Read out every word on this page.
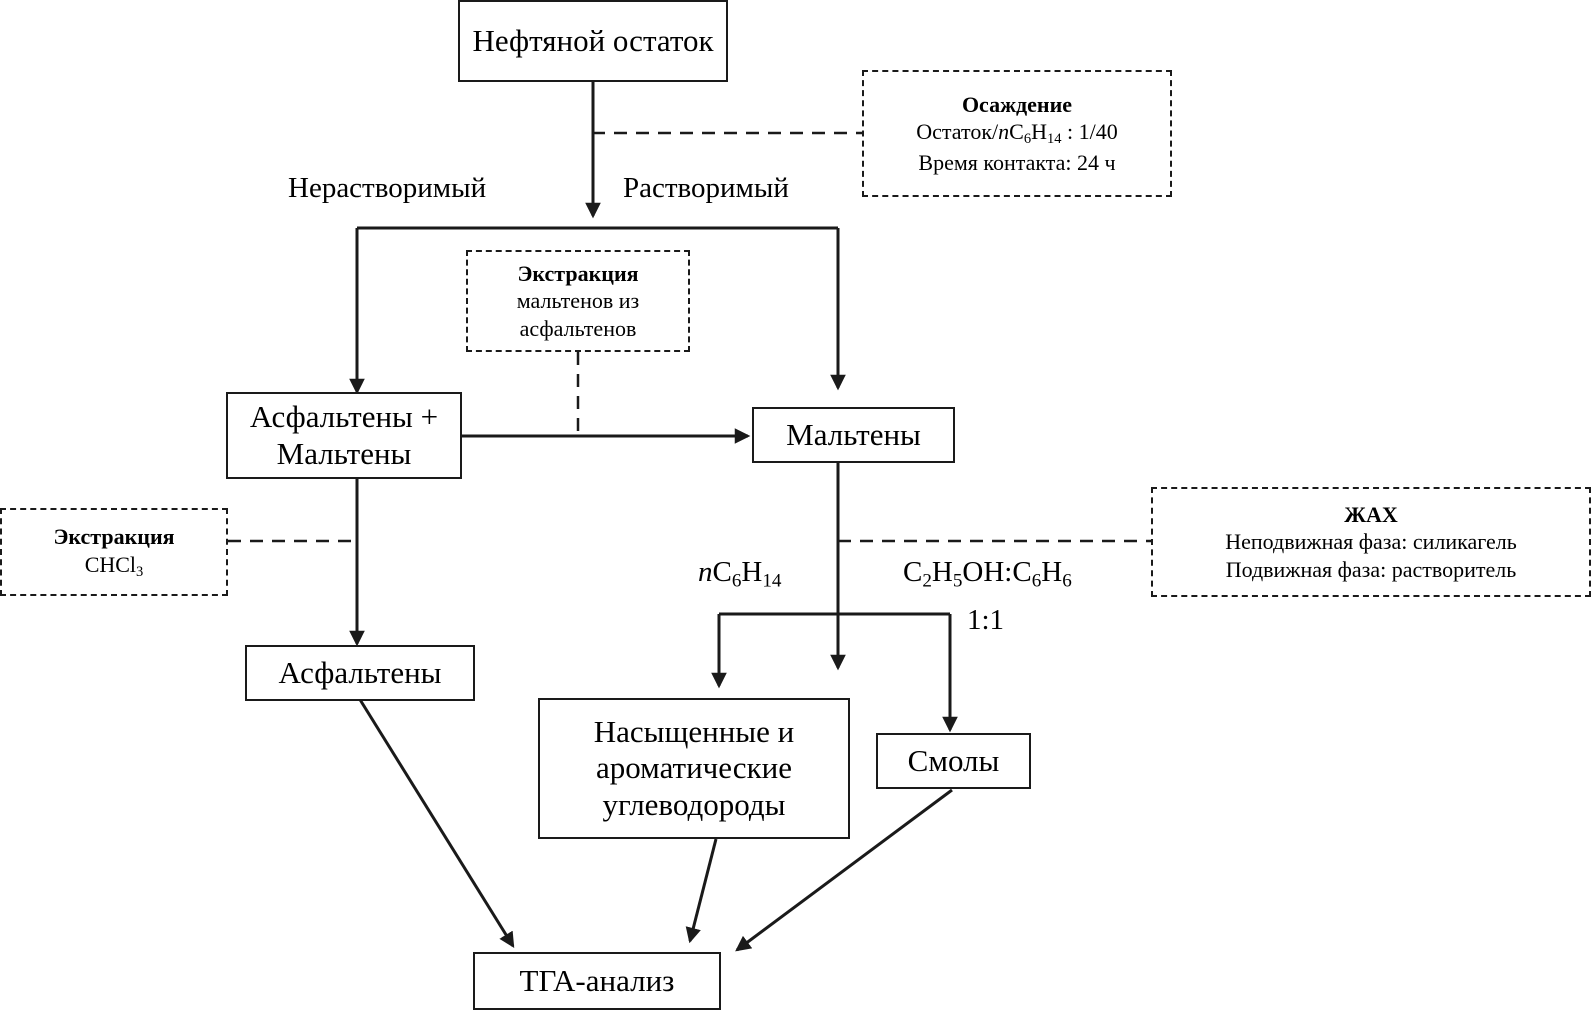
Нефтяной остаток
Асфальтены + Мальтены
Мальтены
Асфальтены
Насыщенные и ароматические углеводороды
Смолы
ТГА-анализ
Осаждение
Остаток/$nC_6H_{14}$ : 1/40
Время контакта: 24 ч
Экстракция
мальтенов из
асфальтенов
Экстракция
CHCl$_3$
ЖАХ
Неподвижная фаза: силикагель
Подвижная фаза: растворитель
Нерастворимый	Растворимый
$nC_6H_{14}$	$C_2H_5OH:C_6H_6$
1:1
